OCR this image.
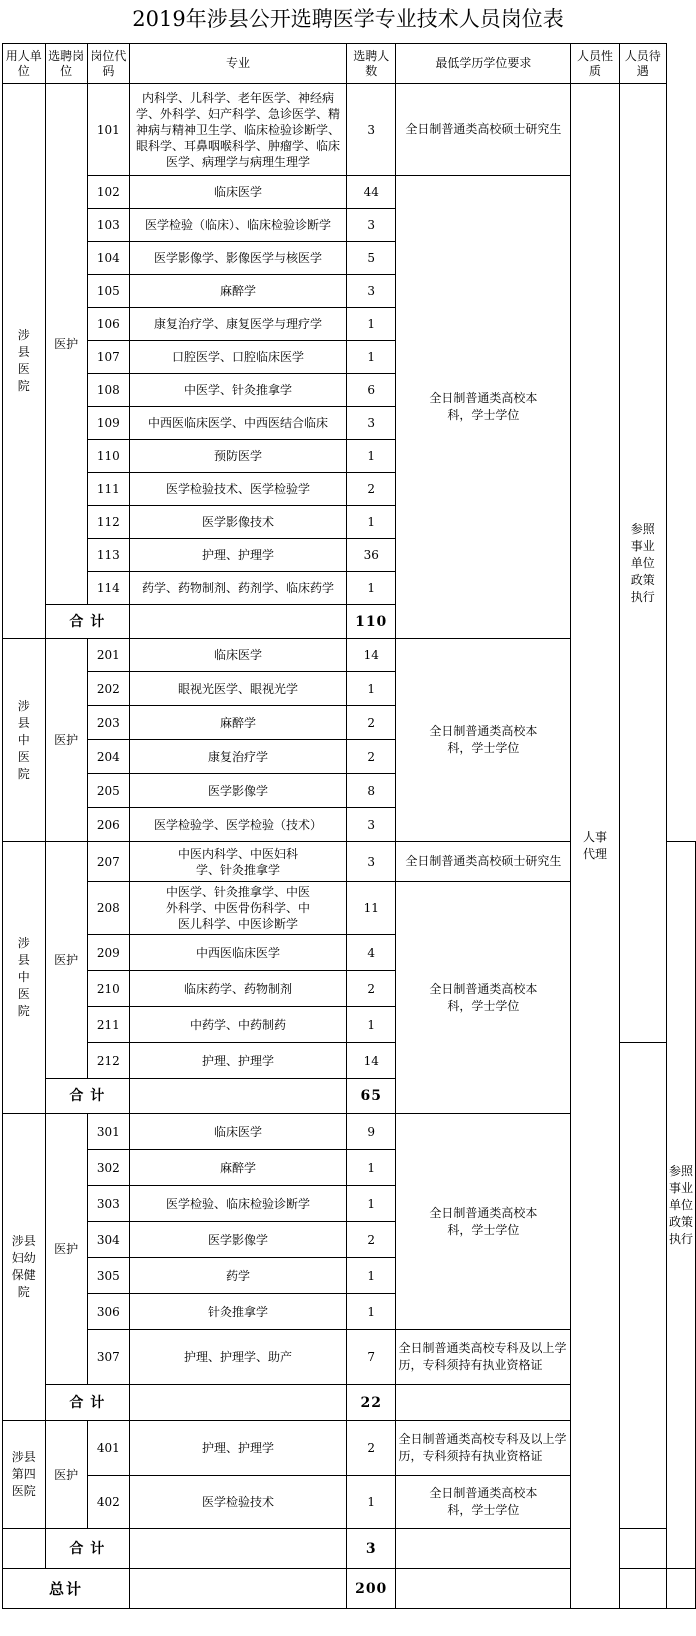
2019年涉县公开选聘医学专业技术人员岗位表
用人单位	选聘岗位	岗位代码	专业	选聘人数	最低学历学位要求	人员性质	人员待遇	

涉县医院	医护	101	内科学、儿科学、老年医学、神经病学、外科学、妇产科学、急诊医学、精神病与精神卫生学、临床检验诊断学、眼科学、耳鼻咽喉科学、肿瘤学、临床医学、病理学与病理生理学	3	全日制普通类高校硕士研究生	人事代理	参照事业单位政策执行	

		102	临床医学	44	全日制普通类高校本科，学士学位			

		103	医学检验（临床）、临床检验诊断学	3				
		104	医学影像学、影像医学与核医学	5				
		105	麻醉学	3				
		106	康复治疗学、康复医学与理疗学	1				
		107	口腔医学、口腔临床医学	1				
		108	中医学、针灸推拿学	6				
		109	中西医临床医学、中西医结合临床	3				
		110	预防医学	1				
		111	医学检验技术、医学检验学	2				
		112	医学影像技术	1				
		113	护理、护理学	36				
		114	药学、药物制剂、药剂学、临床药学	1				
	合 计			110				

涉县中医院	医护	201	临床医学	14	全日制普通类高校本科，学士学位			

		202	眼视光医学、眼视光学	1				
		203	麻醉学	2				
		204	康复治疗学	2				
		205	医学影像学	8				
		206	医学检验学、医学检验（技术）	3				

涉县中医院	医护	207	中医内科学、中医妇科学、针灸推拿学	3	全日制普通类高校硕士研究生			参照事业单位政策执行

		208	中医学、针灸推拿学、中医外科学、中医骨伤科学、中医儿科学、中医诊断学	11	全日制普通类高校本科，学士学位			

		209	中西医临床医学	4				
		210	临床药学、药物制剂	2				
		211	中药学、中药制药	1				
		212	护理、护理学	14				
	合 计			65				

涉县妇幼保健院	医护	301	临床医学	9	全日制普通类高校本科，学士学位			

		302	麻醉学	1				
		303	医学检验、临床检验诊断学	1				
		304	医学影像学	2				
		305	药学	1				
		306	针灸推拿学	1				
		307	护理、护理学、助产	7	全日制普通类高校专科及以上学历，专科须持有执业资格证			
	合 计			22				

涉县第四医院	医护	401	护理、护理学	2	全日制普通类高校专科及以上学历，专科须持有执业资格证			
		402	医学检验技术	1	全日制普通类高校本科，学士学位			

	合 计			3				
总计				200				
